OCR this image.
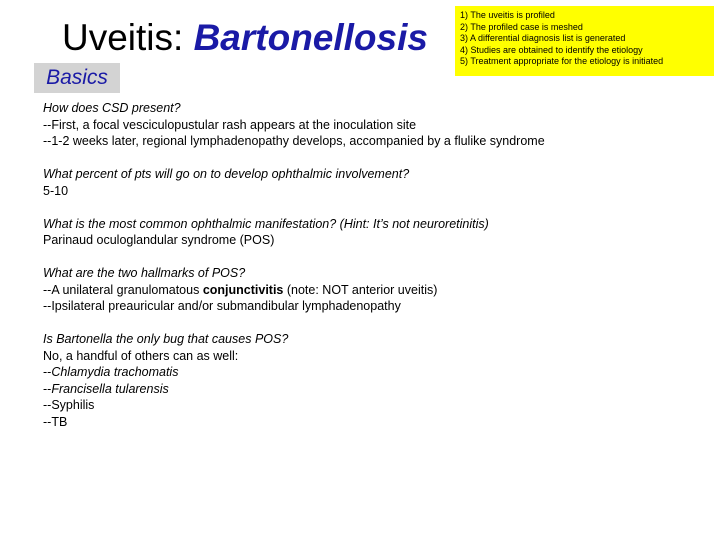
Uveitis: Bartonellosis
Basics
1) The uveitis is profiled
2) The profiled case is meshed
3) A differential diagnosis list is generated
4) Studies are obtained to identify the etiology
5) Treatment appropriate for the etiology is initiated
How does CSD present?
--First, a focal vesciculopustular rash appears at the inoculation site
--1-2 weeks later, regional lymphadenopathy develops, accompanied by a flulike syndrome
What percent of pts will go on to develop ophthalmic involvement?
5-10
What is the most common ophthalmic manifestation? (Hint: It’s not neuroretinitis)
Parinaud oculoglandular syndrome (POS)
What are the two hallmarks of POS?
--A unilateral granulomatous conjunctivitis (note: NOT anterior uveitis)
--Ipsilateral preauricular and/or submandibular lymphadenopathy
Is Bartonella the only bug that causes POS?
No, a handful of others can as well:
--Chlamydia trachomatis
--Francisella tularensis
--Syphilis
--TB
